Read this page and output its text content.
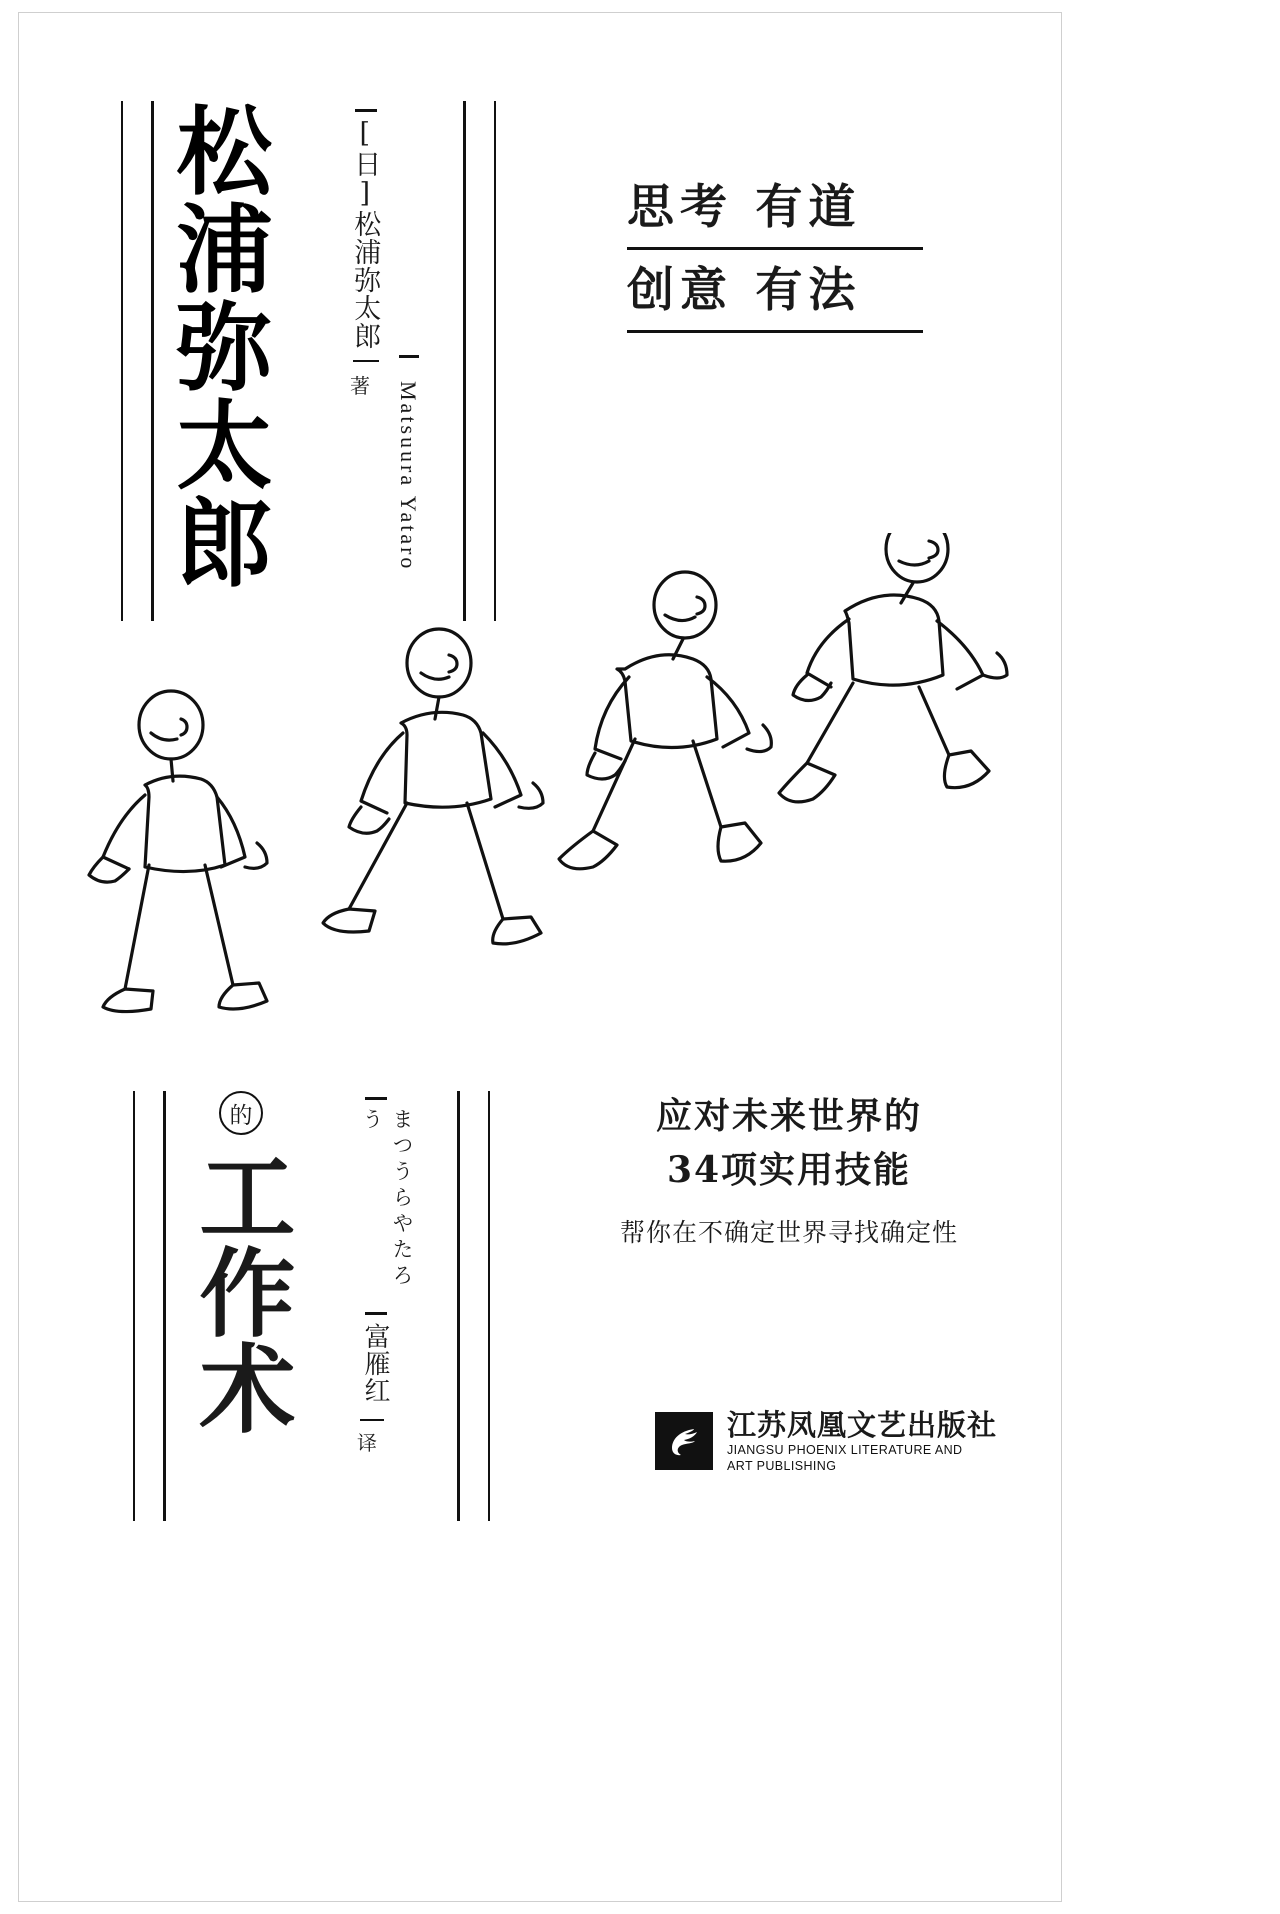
松浦弥太郎	[日]松浦弥太郎
著	Matsuura Yataro
思考 有道
创意 有法
的
工作术	まつうらやたろう
富雁红
译
应对未来世界的
34项实用技能
帮你在不确定世界寻找确定性
江苏凤凰文艺出版社
JIANGSU PHOENIX LITERATURE AND
ART PUBLISHING
